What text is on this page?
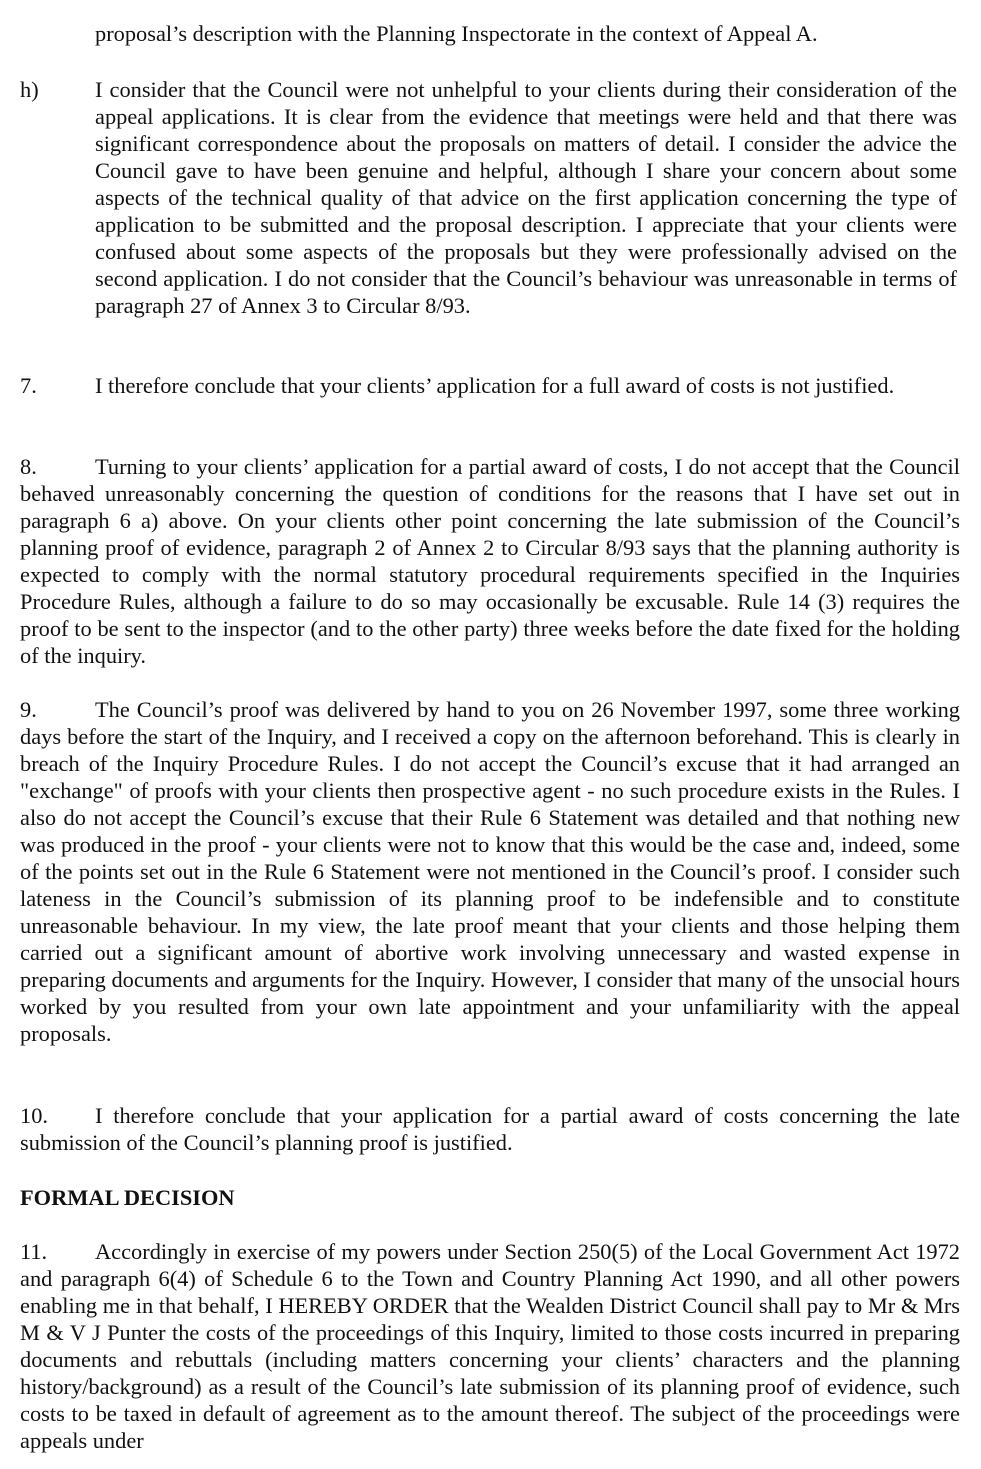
proposal’s description with the Planning Inspectorate in the context of Appeal A.

h)	I consider that the Council were not unhelpful to your clients during their consideration of the appeal applications. It is clear from the evidence that meetings were held and that there was significant correspondence about the proposals on matters of detail. I consider the advice the Council gave to have been genuine and helpful, although I share your concern about some aspects of the technical quality of that advice on the first application concerning the type of application to be submitted and the proposal description. I appreciate that your clients were confused about some aspects of the proposals but they were professionally advised on the second application. I do not consider that the Council’s behaviour was unreasonable in terms of paragraph 27 of Annex 3 to Circular 8/93.

7.	I therefore conclude that your clients’ application for a full award of costs is not justified.

8.	Turning to your clients’ application for a partial award of costs, I do not accept that the Council behaved unreasonably concerning the question of conditions for the reasons that I have set out in paragraph 6 a) above. On your clients other point concerning the late submission of the Council’s planning proof of evidence, paragraph 2 of Annex 2 to Circular 8/93 says that the planning authority is expected to comply with the normal statutory procedural requirements specified in the Inquiries Procedure Rules, although a failure to do so may occasionally be excusable. Rule 14 (3) requires the proof to be sent to the inspector (and to the other party) three weeks before the date fixed for the holding of the inquiry.

9.	The Council’s proof was delivered by hand to you on 26 November 1997, some three working days before the start of the Inquiry, and I received a copy on the afternoon beforehand. This is clearly in breach of the Inquiry Procedure Rules. I do not accept the Council’s excuse that it had arranged an "exchange" of proofs with your clients then prospective agent - no such procedure exists in the Rules. I also do not accept the Council’s excuse that their Rule 6 Statement was detailed and that nothing new was produced in the proof - your clients were not to know that this would be the case and, indeed, some of the points set out in the Rule 6 Statement were not mentioned in the Council’s proof. I consider such lateness in the Council’s submission of its planning proof to be indefensible and to constitute unreasonable behaviour. In my view, the late proof meant that your clients and those helping them carried out a significant amount of abortive work involving unnecessary and wasted expense in preparing documents and arguments for the Inquiry. However, I consider that many of the unsocial hours worked by you resulted from your own late appointment and your unfamiliarity with the appeal proposals.

10. I therefore conclude that your application for a partial award of costs concerning the late submission of the Council’s planning proof is justified.

FORMAL DECISION

11. Accordingly in exercise of my powers under Section 250(5) of the Local Government Act 1972 and paragraph 6(4) of Schedule 6 to the Town and Country Planning Act 1990, and all other powers enabling me in that behalf, I HEREBY ORDER that the Wealden District Council shall pay to Mr & Mrs M & V J Punter the costs of the proceedings of this Inquiry, limited to those costs incurred in preparing documents and rebuttals (including matters concerning your clients’ characters and the planning history/background) as a result of the Council’s late submission of its planning proof of evidence, such costs to be taxed in default of agreement as to the amount thereof. The subject of the proceedings were appeals under
